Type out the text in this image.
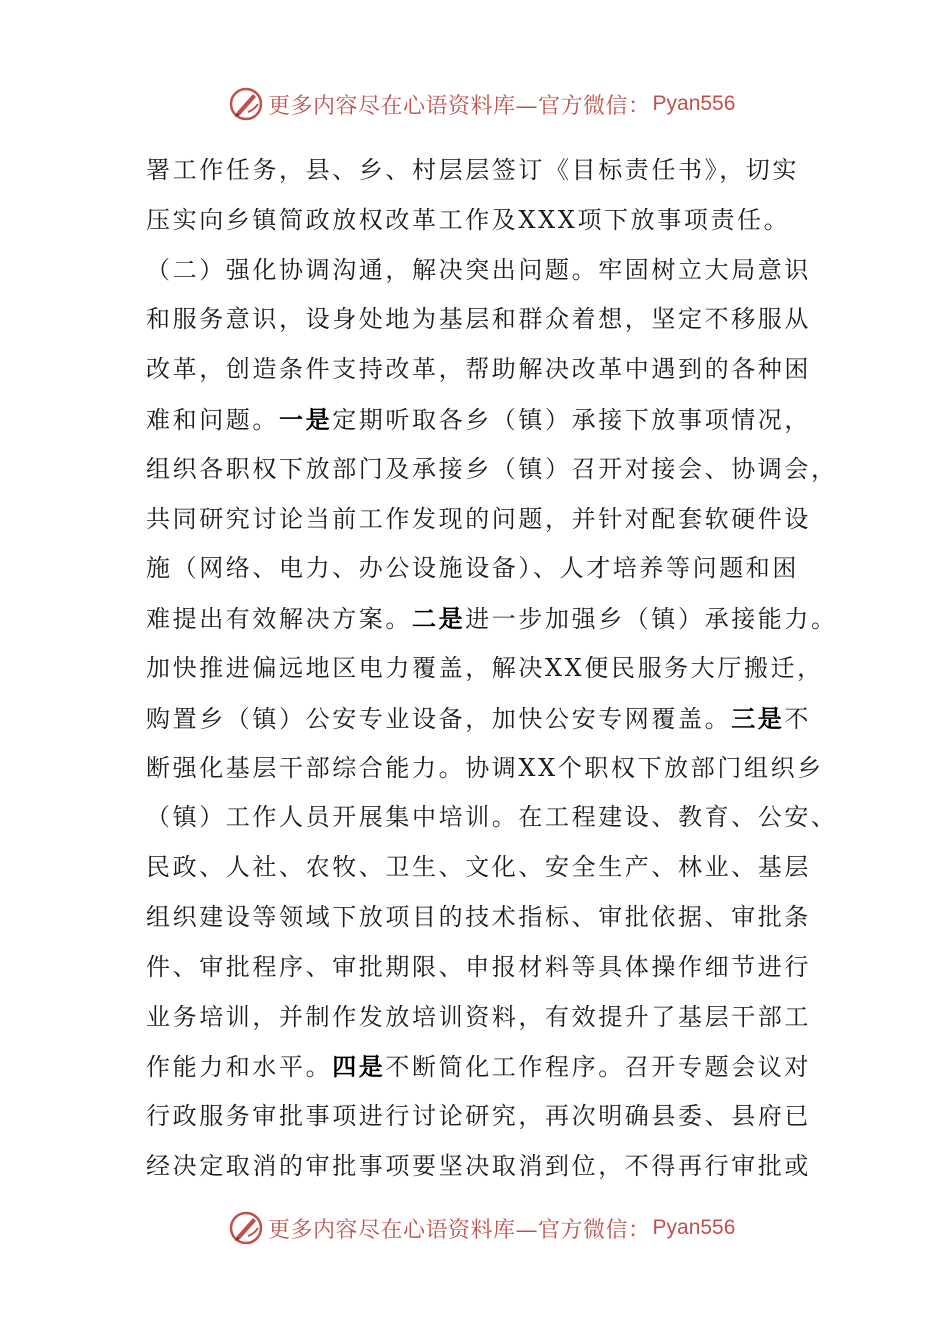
更多内容尽在心语资料库—官方微信： Pyan556
署工作任务，县、乡、村层层签订《目标责任书》，切实
压实向乡镇简政放权改革工作及XXX项下放事项责任。
（二）强化协调沟通，解决突出问题。牢固树立大局意识
和服务意识，设身处地为基层和群众着想，坚定不移服从
改革，创造条件支持改革，帮助解决改革中遇到的各种困
难和问题。一是定期听取各乡（镇）承接下放事项情况，
组织各职权下放部门及承接乡（镇）召开对接会、协调会，
共同研究讨论当前工作发现的问题，并针对配套软硬件设
施（网络、电力、办公设施设备）、人才培养等问题和困
难提出有效解决方案。二是进一步加强乡（镇）承接能力。
加快推进偏远地区电力覆盖，解决XX便民服务大厅搬迁，
购置乡（镇）公安专业设备，加快公安专网覆盖。三是不
断强化基层干部综合能力。协调XX个职权下放部门组织乡
（镇）工作人员开展集中培训。在工程建设、教育、公安、
民政、人社、农牧、卫生、文化、安全生产、林业、基层
组织建设等领域下放项目的技术指标、审批依据、审批条
件、审批程序、审批期限、申报材料等具体操作细节进行
业务培训，并制作发放培训资料，有效提升了基层干部工
作能力和水平。四是不断简化工作程序。召开专题会议对
行政服务审批事项进行讨论研究，再次明确县委、县府已
经决定取消的审批事项要坚决取消到位，不得再行审批或
更多内容尽在心语资料库—官方微信： Pyan556
